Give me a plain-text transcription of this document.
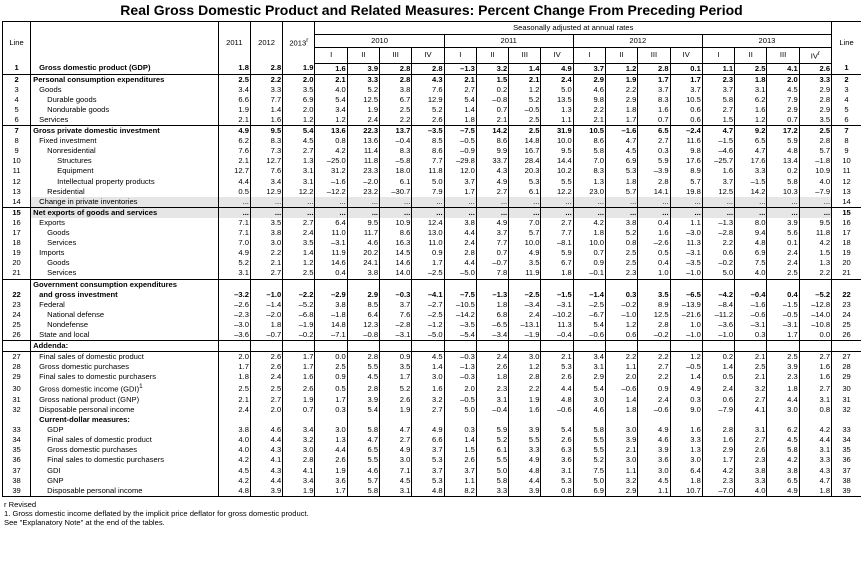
Real Gross Domestic Product and Related Measures: Percent Change From Preceding Period
Line		2011	2012	2013$^r$	Seasonally adjusted at annual rates																Line
					2010				2011				2012				2013				
					I	II	III	IV	I	II	III	IV	I	II	III	IV	I	II	III	$IV^r$
1	Gross domestic product (GDP)	1.8	2.8	1.9	1.6	3.9	2.8	2.8	–1.3	3.2	1.4	4.9	3.7	1.2	2.8	0.1	1.1	2.5	4.1	2.6	1
2	Personal consumption expenditures	2.5	2.2	2.0	2.1	3.3	2.8	4.3	2.1	1.5	2.1	2.4	2.9	1.9	1.7	1.7	2.3	1.8	2.0	3.3	2
3	Goods	3.4	3.3	3.5	4.0	5.2	3.8	7.6	2.7	0.2	1.2	5.0	4.6	2.2	3.7	3.7	3.7	3.1	4.5	2.9	3
4	Durable goods	6.6	7.7	6.9	5.4	12.5	6.7	12.9	5.4	–0.8	5.2	13.5	9.8	2.9	8.3	10.5	5.8	6.2	7.9	2.8	4
5	Nondurable goods	1.9	1.4	2.0	3.4	1.9	2.5	5.2	1.4	0.7	–0.5	1.3	2.2	1.8	1.6	0.6	2.7	1.6	2.9	2.9	5
6	Services	2.1	1.6	1.2	1.2	2.4	2.2	2.6	1.8	2.1	2.5	1.1	2.1	1.7	0.7	0.6	1.5	1.2	0.7	3.5	6
7	Gross private domestic investment	4.9	9.5	5.4	13.6	22.3	13.7	–3.5	–7.5	14.2	2.5	31.9	10.5	–1.6	6.5	–2.4	4.7	9.2	17.2	2.5	7
8	Fixed investment	6.2	8.3	4.5	0.8	13.6	–0.4	8.5	–0.5	8.6	14.8	10.0	8.6	4.7	2.7	11.6	–1.5	6.5	5.9	2.8	8
9	Nonresidential	7.6	7.3	2.7	4.2	11.4	8.3	8.6	–0.9	9.9	16.7	9.5	5.8	4.5	0.3	9.8	–4.6	4.7	4.8	5.7	9
10	Structures	2.1	12.7	1.3	–25.0	11.8	–5.8	7.7	–29.8	33.7	28.4	14.4	7.0	6.9	5.9	17.6	–25.7	17.6	13.4	–1.8	10
11	Equipment	12.7	7.6	3.1	31.2	23.3	18.0	11.8	12.0	4.3	20.3	10.2	8.3	5.3	–3.9	8.9	1.6	3.3	0.2	10.9	11
12	Intellectual property products	4.4	3.4	3.1	–1.6	–2.0	6.1	5.0	3.7	4.9	5.3	5.5	1.3	1.8	2.8	5.7	3.7	–1.5	5.8	4.0	12
13	Residential	0.5	12.9	12.2	–12.2	23.2	–30.7	7.9	1.7	2.7	6.1	12.2	23.0	5.7	14.1	19.8	12.5	14.2	10.3	–7.9	13
14	Change in private inventories	...	...	...	...	...	...	...	...	...	...	...	...	...	...	...	...	...	...	...	14
15	Net exports of goods and services	...	...	...	...	...	...	...	...	...	...	...	...	...	...	...	...	...	...	...	15
16	Exports	7.1	3.5	2.7	6.4	9.5	10.9	12.4	3.8	4.9	7.0	2.7	4.2	3.8	0.4	1.1	–1.3	8.0	3.9	9.5	16
17	Goods	7.1	3.8	2.4	11.0	11.7	8.6	13.0	4.4	3.7	5.7	7.7	1.8	5.2	1.6	–3.0	–2.8	9.4	5.6	11.8	17
18	Services	7.0	3.0	3.5	–3.1	4.6	16.3	11.0	2.4	7.7	10.0	–8.1	10.0	0.8	–2.6	11.3	2.2	4.8	0.1	4.2	18
19	Imports	4.9	2.2	1.4	11.9	20.2	14.5	0.9	2.8	0.7	4.9	5.9	0.7	2.5	0.5	–3.1	0.6	6.9	2.4	1.5	19
20	Goods	5.2	2.1	1.2	14.6	24.1	14.6	1.7	4.4	–0.7	3.5	6.7	0.9	2.5	0.4	–3.5	–0.2	7.5	2.4	1.3	20
21	Services	3.1	2.7	2.5	0.4	3.8	14.0	–2.5	–5.0	7.8	11.9	1.8	–0.1	2.3	1.0	–1.0	5.0	4.0	2.5	2.2	21
22	Government consumption expenditures
and gross investment	–3.2	–1.0	–2.2	–2.9	2.9	–0.3	–4.1	–7.5	–1.3	–2.5	–1.5	–1.4	0.3	3.5	–6.5	–4.2	–0.4	0.4	–5.2	22
23	Federal	–2.6	–1.4	–5.2	3.8	8.5	3.7	–2.7	–10.5	1.8	–3.4	–3.1	–2.5	–0.2	8.9	–13.9	–8.4	–1.6	–1.5	–12.8	23
24	National defense	–2.3	–2.0	–6.8	–1.8	6.4	7.6	–2.5	–14.2	6.8	2.4	–10.2	–6.7	–1.0	12.5	–21.6	–11.2	–0.6	–0.5	–14.0	24
25	Nondefense	–3.0	1.8	–1.9	14.8	12.3	–2.8	–1.2	–3.5	–6.5	–13.1	11.3	5.4	1.2	2.8	1.0	–3.6	–3.1	–3.1	–10.8	25
26	State and local	–3.6	–0.7	–0.2	–7.1	–0.8	–3.1	–5.0	–5.4	–3.4	–1.9	–0.4	–0.6	0.6	–0.2	–1.0	–1.0	0.3	1.7	0.0	26
	Addenda:																				
27	Final sales of domestic product	2.0	2.6	1.7	0.0	2.8	0.9	4.5	–0.3	2.4	3.0	2.1	3.4	2.2	2.2	1.2	0.2	2.1	2.5	2.7	27
28	Gross domestic purchases	1.7	2.6	1.7	2.5	5.5	3.5	1.4	–1.3	2.6	1.2	5.3	3.1	1.1	2.7	–0.5	1.4	2.5	3.9	1.6	28
29	Final sales to domestic purchasers	1.8	2.4	1.6	0.9	4.5	1.7	3.0	–0.3	1.8	2.8	2.6	2.9	2.0	2.2	1.4	0.5	2.1	2.3	1.6	29
30	Gross domestic income (GDI)$^1$	2.5	2.5	2.6	0.5	2.8	5.2	1.6	2.0	2.3	2.2	4.4	5.4	–0.6	0.9	4.9	2.4	3.2	1.8	2.7	30
31	Gross national product (GNP)	2.1	2.7	1.9	1.7	3.9	2.6	3.2	–0.5	3.1	1.9	4.8	3.0	1.4	2.4	0.3	0.6	2.7	4.4	3.1	31
32	Disposable personal income	2.4	2.0	0.7	0.3	5.4	1.9	2.7	5.0	–0.4	1.6	–0.6	4.6	1.8	–0.6	9.0	–7.9	4.1	3.0	0.8	32
	Current-dollar measures:																				
33	GDP	3.8	4.6	3.4	3.0	5.8	4.7	4.9	0.3	5.9	3.9	5.4	5.8	3.0	4.9	1.6	2.8	3.1	6.2	4.2	33
34	Final sales of domestic product	4.0	4.4	3.2	1.3	4.7	2.7	6.6	1.4	5.2	5.5	2.6	5.5	3.9	4.6	3.3	1.6	2.7	4.5	4.4	34
35	Gross domestic purchases	4.0	4.3	3.0	4.4	6.5	4.9	3.7	1.5	6.1	3.3	6.3	5.5	2.1	3.9	1.3	2.9	2.6	5.8	3.1	35
36	Final sales to domestic purchasers	4.2	4.1	2.8	2.6	5.5	3.0	5.3	2.6	5.5	4.9	3.6	5.2	3.0	3.6	3.0	1.7	2.3	4.2	3.3	36
37	GDI	4.5	4.3	4.1	1.9	4.6	7.1	3.7	3.7	5.0	4.8	3.1	7.5	1.1	3.0	6.4	4.2	3.8	3.8	4.3	37
38	GNP	4.2	4.4	3.4	3.6	5.7	4.5	5.3	1.1	5.8	4.4	5.3	5.0	3.2	4.5	1.8	2.3	3.3	6.5	4.7	38
39	Disposable personal income	4.8	3.9	1.9	1.7	5.8	3.1	4.8	8.2	3.3	3.9	0.8	6.9	2.9	1.1	10.7	–7.0	4.0	4.9	1.8	39
r Revised
1. Gross domestic income deflated by the implicit price deflator for gross domestic product.
See "Explanatory Note" at the end of the tables.
